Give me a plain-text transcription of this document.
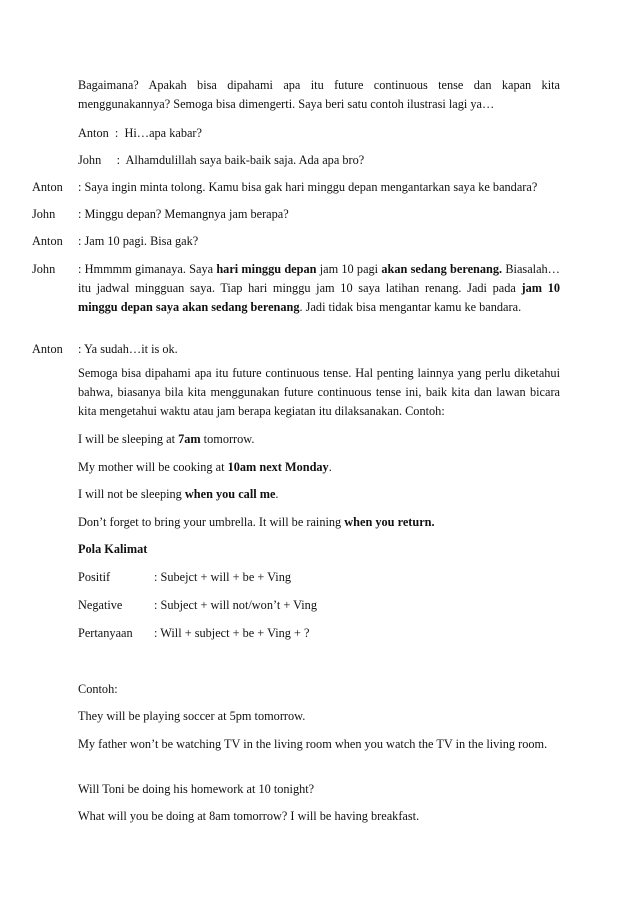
Bagaimana? Apakah bisa dipahami apa itu future continuous tense dan kapan kita menggunakannya? Semoga bisa dimengerti. Saya beri satu contoh ilustrasi lagi ya…

Anton : Hi…apa kabar?
John : Alhamdulillah saya baik-baik saja. Ada apa bro?
Anton : Saya ingin minta tolong. Kamu bisa gak hari minggu depan mengantarkan saya ke bandara?

John : Minggu depan? Memangnya jam berapa?

Anton : Jam 10 pagi. Bisa gak?

John : Hmmmm gimanaya. Saya hari minggu depan jam 10 pagi akan sedang berenang. Biasalah…itu jadwal mingguan saya. Tiap hari minggu jam 10 saya latihan renang. Jadi pada jam 10 minggu depan saya akan sedang berenang. Jadi tidak bisa mengantar kamu ke bandara.

Anton : Ya sudah…it is ok.

Semoga bisa dipahami apa itu future continuous tense. Hal penting lainnya yang perlu diketahui bahwa, biasanya bila kita menggunakan future continuous tense ini, baik kita dan lawan bicara kita mengetahui waktu atau jam berapa kegiatan itu dilaksanakan. Contoh:

I will be sleeping at 7am tomorrow.

My mother will be cooking at 10am next Monday.

I will not be sleeping when you call me.

Don’t forget to bring your umbrella. It will be raining when you return.

Pola Kalimat

Positif	: Subejct + will + be + Ving
Negative	: Subject + will not/won’t + Ving
Pertanyaan : Will + subject + be + Ving + ?

Contoh:

They will be playing soccer at 5pm tomorrow.

My father won’t be watching TV in the living room when you watch the TV in the living room.

Will Toni be doing his homework at 10 tonight?

What will you be doing at 8am tomorrow? I will be having breakfast.
